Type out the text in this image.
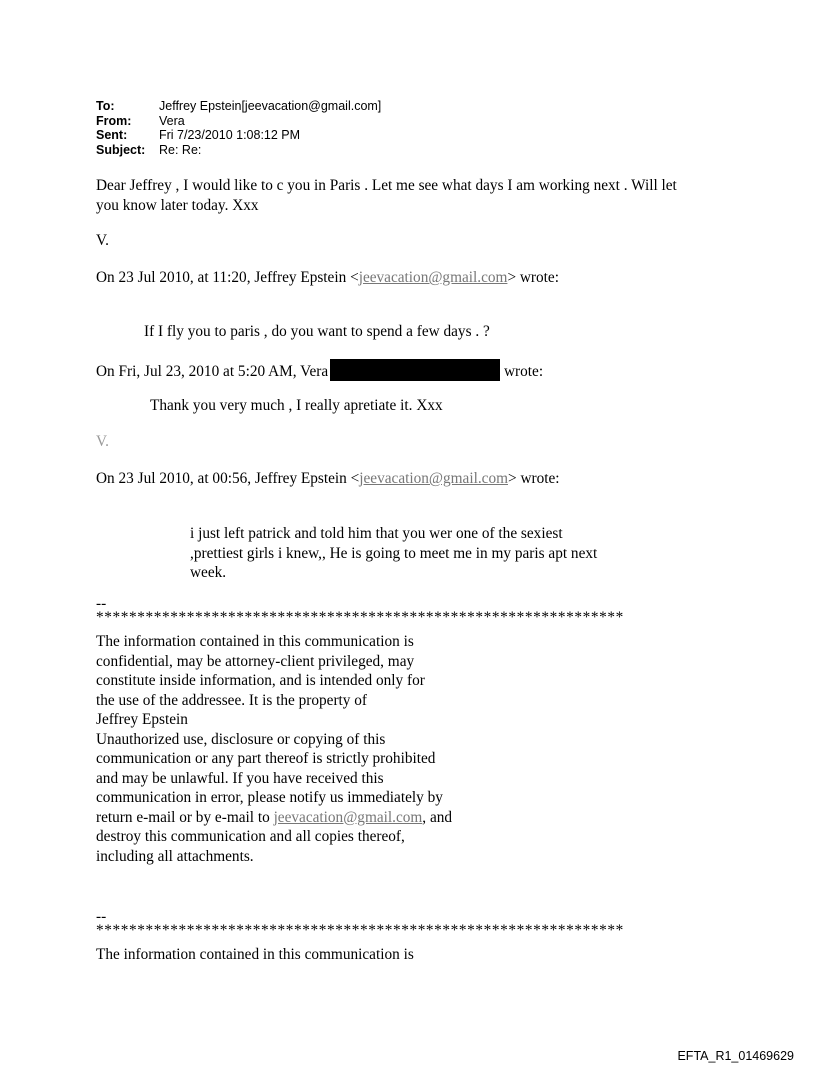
To:	Jeffrey Epstein[jeevacation@gmail.com]
From:	Vera
Sent:	Fri 7/23/2010 1:08:12 PM
Subject:	Re: Re:
Dear Jeffrey , I would like to c you in Paris . Let me see what days I am working next . Will let
you know later today. Xxx
V.
On 23 Jul 2010, at 11:20, Jeffrey Epstein <jeevacation@gmail.com> wrote:
If I fly you to paris , do you want to spend a few days . ?
On Fri, Jul 23, 2010 at 5:20 AM, Vera	wrote:
Thank you very much , I really apretiate it. Xxx
V.
On 23 Jul 2010, at 00:56, Jeffrey Epstein <jeevacation@gmail.com> wrote:
i just left patrick and told him that you wer one of the sexiest
,prettiest girls i knew,, He is going to meet me in my paris apt next
week.
--
****************************************************************
The information contained in this communication is
confidential, may be attorney-client privileged, may
constitute inside information, and is intended only for
the use of the addressee. It is the property of
Jeffrey Epstein
Unauthorized use, disclosure or copying of this
communication or any part thereof is strictly prohibited
and may be unlawful. If you have received this
communication in error, please notify us immediately by
return e-mail or by e-mail to jeevacation@gmail.com, and
destroy this communication and all copies thereof,
including all attachments.
--
****************************************************************
The information contained in this communication is
EFTA_R1_01469629
